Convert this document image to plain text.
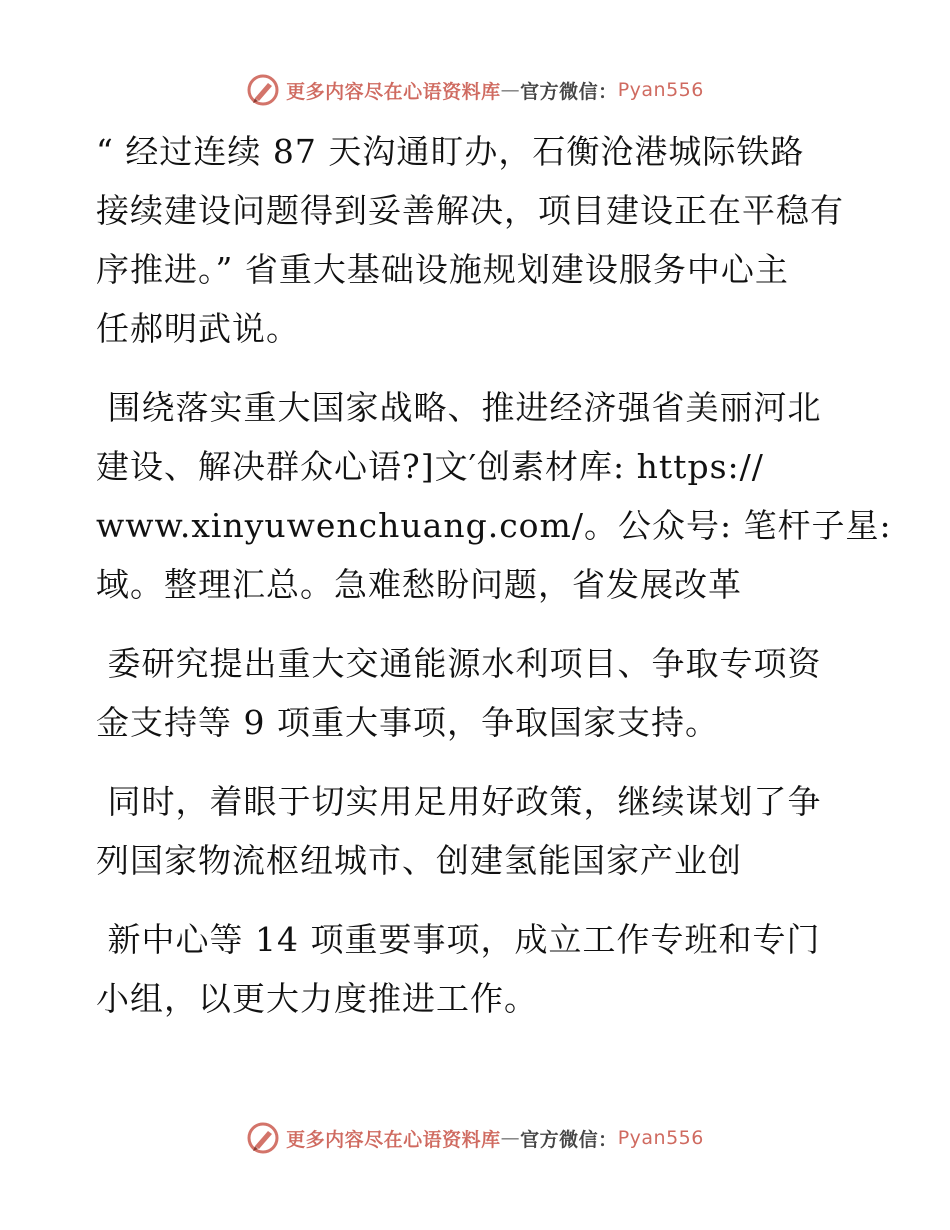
更多内容尽在心语资料库 — 官方微信： Pyan556

“ 经过连续 87 天沟通盯办，石衡沧港城际铁路
接续建设问题得到妥善解决，项目建设正在平稳有
序推进。” 省重大基础设施规划建设服务中心主
任郝明武说。

围绕落实重大国家战略、推进经济强省美丽河北
建设、解决群众心语?]文′创素材库: https://
www.xinyuwenchuang.com/。公众号: 笔杆子星:
域。整理汇总。急难愁盼问题，省发展改革

委研究提出重大交通能源水利项目、争取专项资
金支持等 9 项重大事项，争取国家支持。

同时，着眼于切实用足用好政策，继续谋划了争
列国家物流枢纽城市、创建氢能国家产业创

新中心等 14 项重要事项，成立工作专班和专门
小组，以更大力度推进工作。

更多内容尽在心语资料库 — 官方微信： Pyan556
